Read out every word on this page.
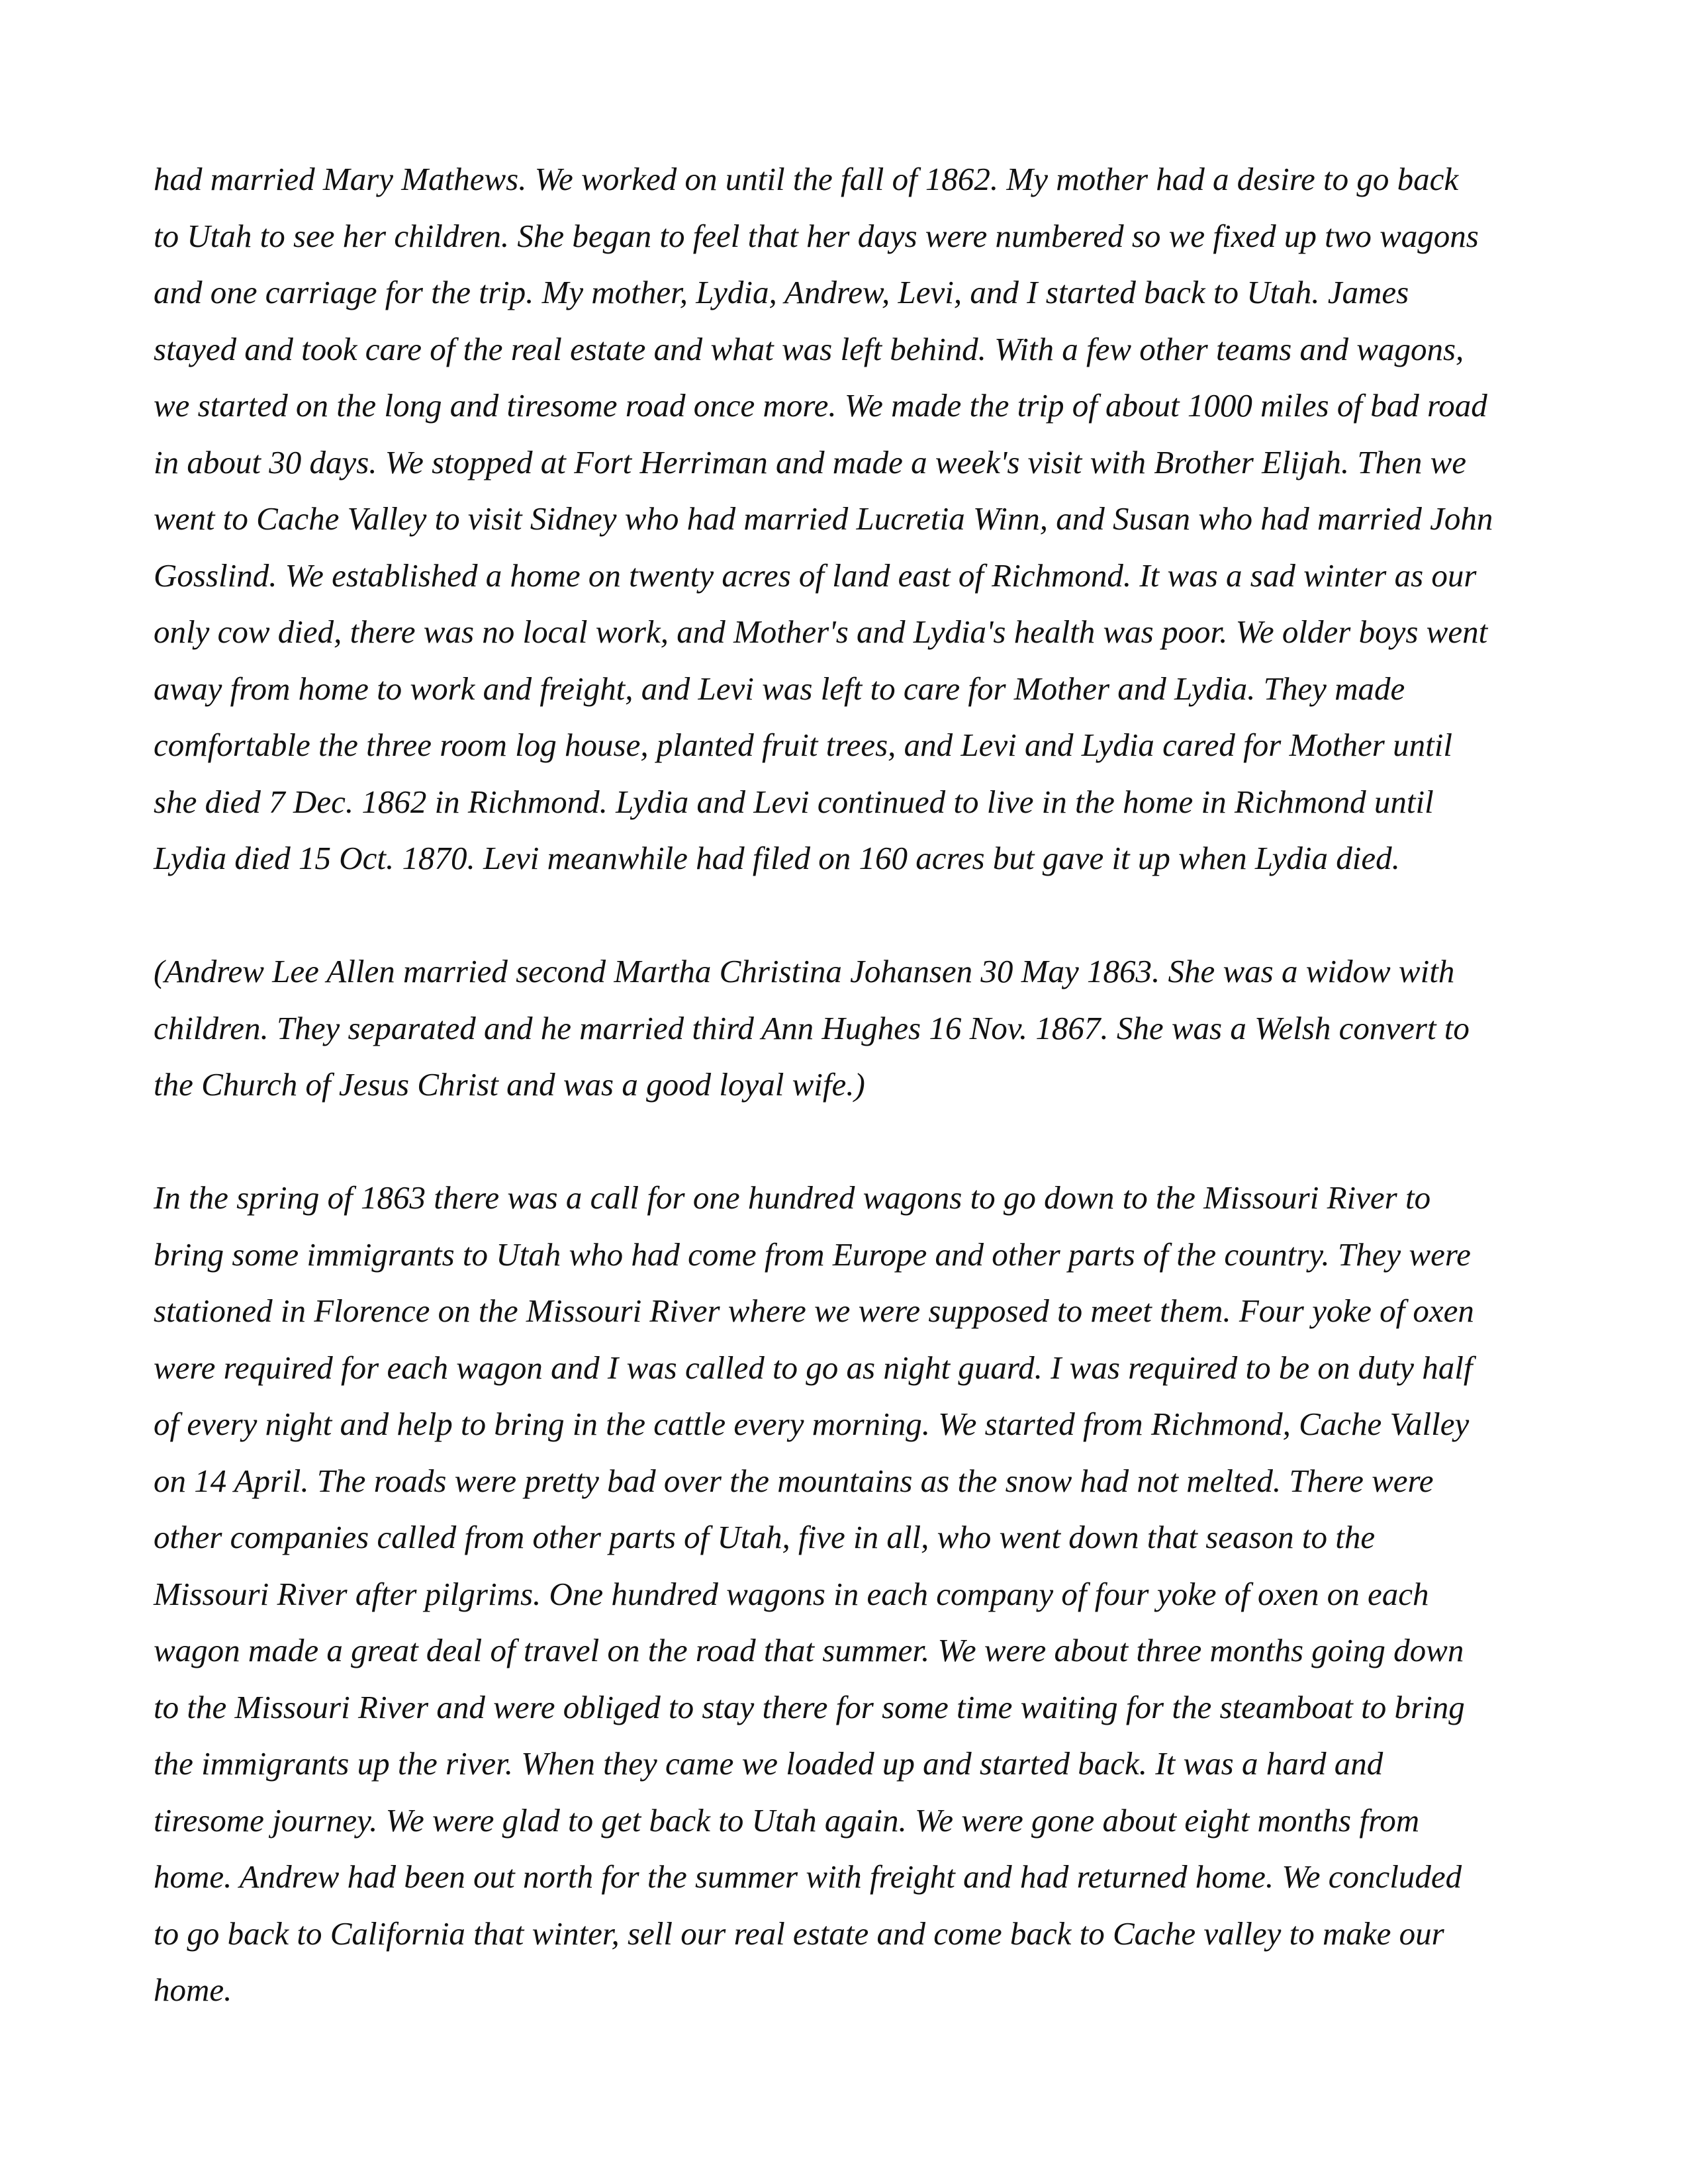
had married Mary Mathews. We worked on until the fall of 1862. My mother had a desire to go back
to Utah to see her children. She began to feel that her days were numbered so we fixed up two wagons
and one carriage for the trip. My mother, Lydia, Andrew, Levi, and I started back to Utah. James
stayed and took care of the real estate and what was left behind. With a few other teams and wagons,
we started on the long and tiresome road once more. We made the trip of about 1000 miles of bad road
in about 30 days. We stopped at Fort Herriman and made a week's visit with Brother Elijah. Then we
went to Cache Valley to visit Sidney who had married Lucretia Winn, and Susan who had married John
Gosslind. We established a home on twenty acres of land east of Richmond. It was a sad winter as our
only cow died, there was no local work, and Mother's and Lydia's health was poor. We older boys went
away from home to work and freight, and Levi was left to care for Mother and Lydia. They made
comfortable the three room log house, planted fruit trees, and Levi and Lydia cared for Mother until
she died 7 Dec. 1862 in Richmond. Lydia and Levi continued to live in the home in Richmond until
Lydia died 15 Oct. 1870. Levi meanwhile had filed on 160 acres but gave it up when Lydia died.
(Andrew Lee Allen married second Martha Christina Johansen 30 May 1863. She was a widow with
children. They separated and he married third Ann Hughes 16 Nov. 1867. She was a Welsh convert to
the Church of Jesus Christ and was a good loyal wife.)
In the spring of 1863 there was a call for one hundred wagons to go down to the Missouri River to
bring some immigrants to Utah who had come from Europe and other parts of the country. They were
stationed in Florence on the Missouri River where we were supposed to meet them. Four yoke of oxen
were required for each wagon and I was called to go as night guard. I was required to be on duty half
of every night and help to bring in the cattle every morning. We started from Richmond, Cache Valley
on 14 April. The roads were pretty bad over the mountains as the snow had not melted. There were
other companies called from other parts of Utah, five in all, who went down that season to the
Missouri River after pilgrims. One hundred wagons in each company of four yoke of oxen on each
wagon made a great deal of travel on the road that summer. We were about three months going down
to the Missouri River and were obliged to stay there for some time waiting for the steamboat to bring
the immigrants up the river. When they came we loaded up and started back. It was a hard and
tiresome journey. We were glad to get back to Utah again. We were gone about eight months from
home. Andrew had been out north for the summer with freight and had returned home. We concluded
to go back to California that winter, sell our real estate and come back to Cache valley to make our
home.
